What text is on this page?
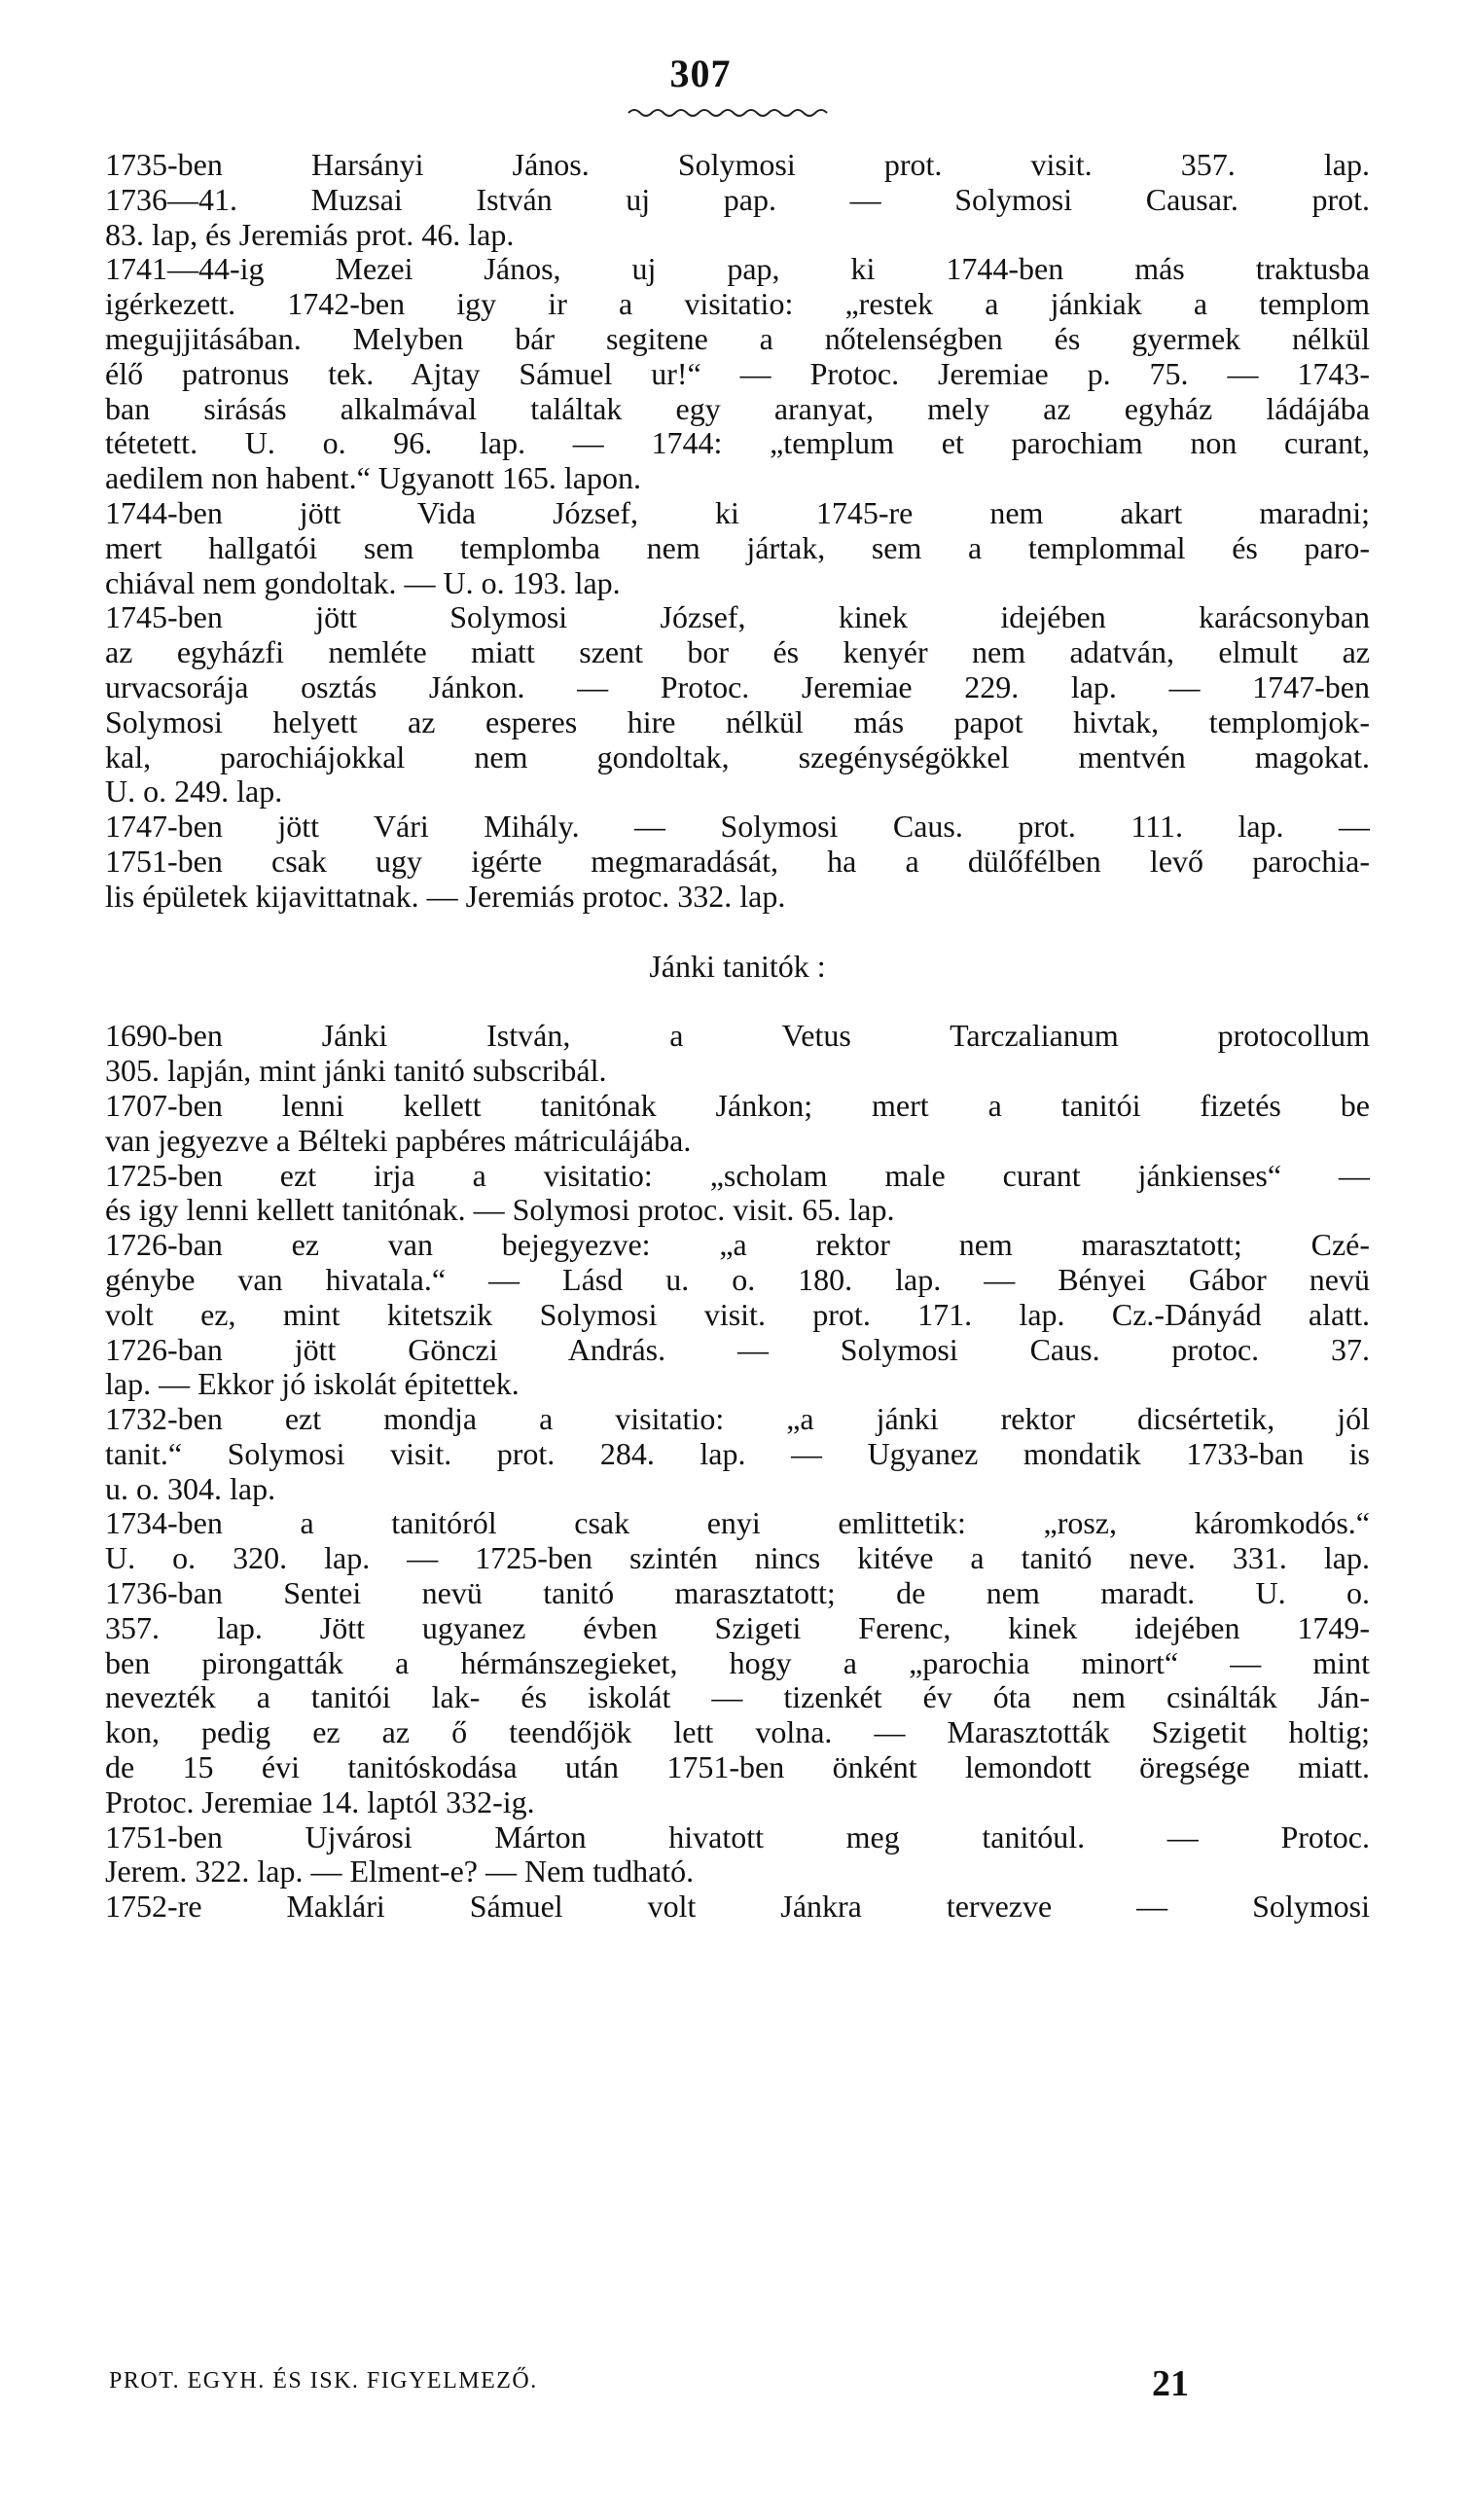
307
1735-ben Harsányi János. Solymosi prot. visit. 357. lap.
1736—41. Muzsai István uj pap. — Solymosi Causar. prot.
83. lap, és Jeremiás prot. 46. lap.
1741—44-ig Mezei János, uj pap, ki 1744-ben más traktusba
igérkezett. 1742-ben igy ir a visitatio: „restek a jánkiak a templom
megujjitásában. Melyben bár segitene a nőtelenségben és gyermek nélkül
élő patronus tek. Ajtay Sámuel ur!“ — Protoc. Jeremiae p. 75. — 1743-
ban sirásás alkalmával találtak egy aranyat, mely az egyház ládájába
tétetett. U. o. 96. lap. — 1744: „templum et parochiam non curant,
aedilem non habent.“ Ugyanott 165. lapon.
1744-ben jött Vida József, ki 1745-re nem akart maradni;
mert hallgatói sem templomba nem jártak, sem a templommal és paro-
chiával nem gondoltak. — U. o. 193. lap.
1745-ben jött Solymosi József, kinek idejében karácsonyban
az egyházfi nemléte miatt szent bor és kenyér nem adatván, elmult az
urvacsorája osztás Jánkon. — Protoc. Jeremiae 229. lap. — 1747-ben
Solymosi helyett az esperes hire nélkül más papot hivtak, templomjok-
kal, parochiájokkal nem gondoltak, szegénységökkel mentvén magokat.
U. o. 249. lap.
1747-ben jött Vári Mihály. — Solymosi Caus. prot. 111. lap. —
1751-ben csak ugy igérte megmaradását, ha a dülőfélben levő parochia-
lis épületek kijavittatnak. — Jeremiás protoc. 332. lap.
Jánki tanitók :
1690-ben Jánki István, a Vetus Tarczalianum protocollum
305. lapján, mint jánki tanitó subscribál.
1707-ben lenni kellett tanitónak Jánkon; mert a tanitói fizetés be
van jegyezve a Bélteki papbéres mátriculájába.
1725-ben ezt irja a visitatio: „scholam male curant jánkienses“ —
és igy lenni kellett tanitónak. — Solymosi protoc. visit. 65. lap.
1726-ban ez van bejegyezve: „a rektor nem marasztatott; Czé-
génybe van hivatala.“ — Lásd u. o. 180. lap. — Bényei Gábor nevü
volt ez, mint kitetszik Solymosi visit. prot. 171. lap. Cz.-Dányád alatt.
1726-ban jött Gönczi András. — Solymosi Caus. protoc. 37.
lap. — Ekkor jó iskolát épitettek.
1732-ben ezt mondja a visitatio: „a jánki rektor dicsértetik, jól
tanit.“ Solymosi visit. prot. 284. lap. — Ugyanez mondatik 1733-ban is
u. o. 304. lap.
1734-ben a tanitóról csak enyi emlittetik: „rosz, káromkodós.“
U. o. 320. lap. — 1725-ben szintén nincs kitéve a tanitó neve. 331. lap.
1736-ban Sentei nevü tanitó marasztatott; de nem maradt. U. o.
357. lap. Jött ugyanez évben Szigeti Ferenc, kinek idejében 1749-
ben pirongatták a hérmánszegieket, hogy a „parochia minort“ — mint
nevezték a tanitói lak- és iskolát — tizenkét év óta nem csinálták Ján-
kon, pedig ez az ő teendőjök lett volna. — Marasztották Szigetit holtig;
de 15 évi tanitóskodása után 1751-ben önként lemondott öregsége miatt.
Protoc. Jeremiae 14. laptól 332-ig.
1751-ben Ujvárosi Márton hivatott meg tanitóul. — Protoc.
Jerem. 322. lap. — Elment-e? — Nem tudható.
1752-re Maklári Sámuel volt Jánkra tervezve — Solymosi
PROT. EGYH. ÉS ISK. FIGYELMEZŐ.	21
